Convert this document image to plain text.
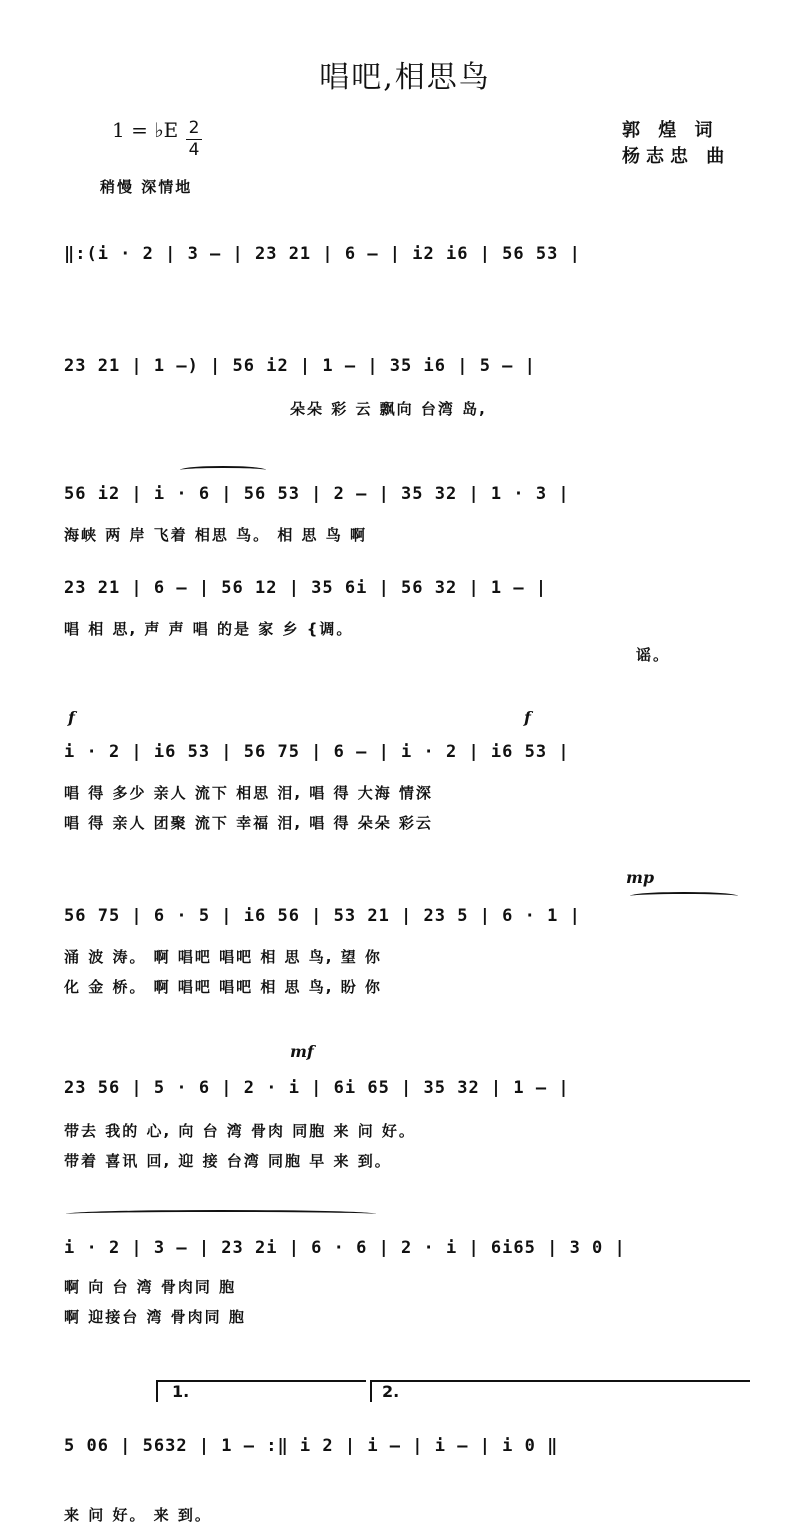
唱吧,相思鸟
1 = ♭E 2
4
郭 煌 词
杨志忠 曲
稍慢 深情地
‖:(i · 2 | 3 — | 23 21 | 6 — | i2 i6 | 56 53 |
23 21 | 1 —) | 56 i2 | 1 — | 35 i6 | 5 — |
朵朵 彩 云 飘向 台湾 岛,
56 i2 | i · 6 | 56 53 | 2 — | 35 32 | 1 · 3 |
海峡 两 岸 飞着 相思 鸟。 相 思 鸟 啊
23 21 | 6 — | 56 12 | 35 6i | 56 32 | 1 — |
唱 相 思, 声 声 唱 的是 家 乡 {调。
谣。
f	f
i · 2 | i6 53 | 56 75 | 6 — | i · 2 | i6 53 |
唱 得 多少 亲人 流下 相思 泪, 唱 得 大海 情深
唱 得 亲人 团聚 流下 幸福 泪, 唱 得 朵朵 彩云
mp
56 75 | 6 · 5 | i6 56 | 53 21 | 23 5 | 6 · 1 |
涌 波 涛。 啊 唱吧 唱吧 相 思 鸟, 望 你
化 金 桥。 啊 唱吧 唱吧 相 思 鸟, 盼 你
mf
23 56 | 5 · 6 | 2 · i | 6i 65 | 35 32 | 1 — |
带去 我的 心, 向 台 湾 骨肉 同胞 来 问 好。
带着 喜讯 回, 迎 接 台湾 同胞 早 来 到。
i · 2 | 3 — | 23 2i | 6 · 6 | 2 · i | 6i65 | 3 0 |
啊 向 台 湾 骨肉同 胞
啊 迎接台 湾 骨肉同 胞
1.	2.
5 06 | 5632 | 1 — :‖ i 2 | i — | i — | i 0 ‖
来 问 好。 来 到。
